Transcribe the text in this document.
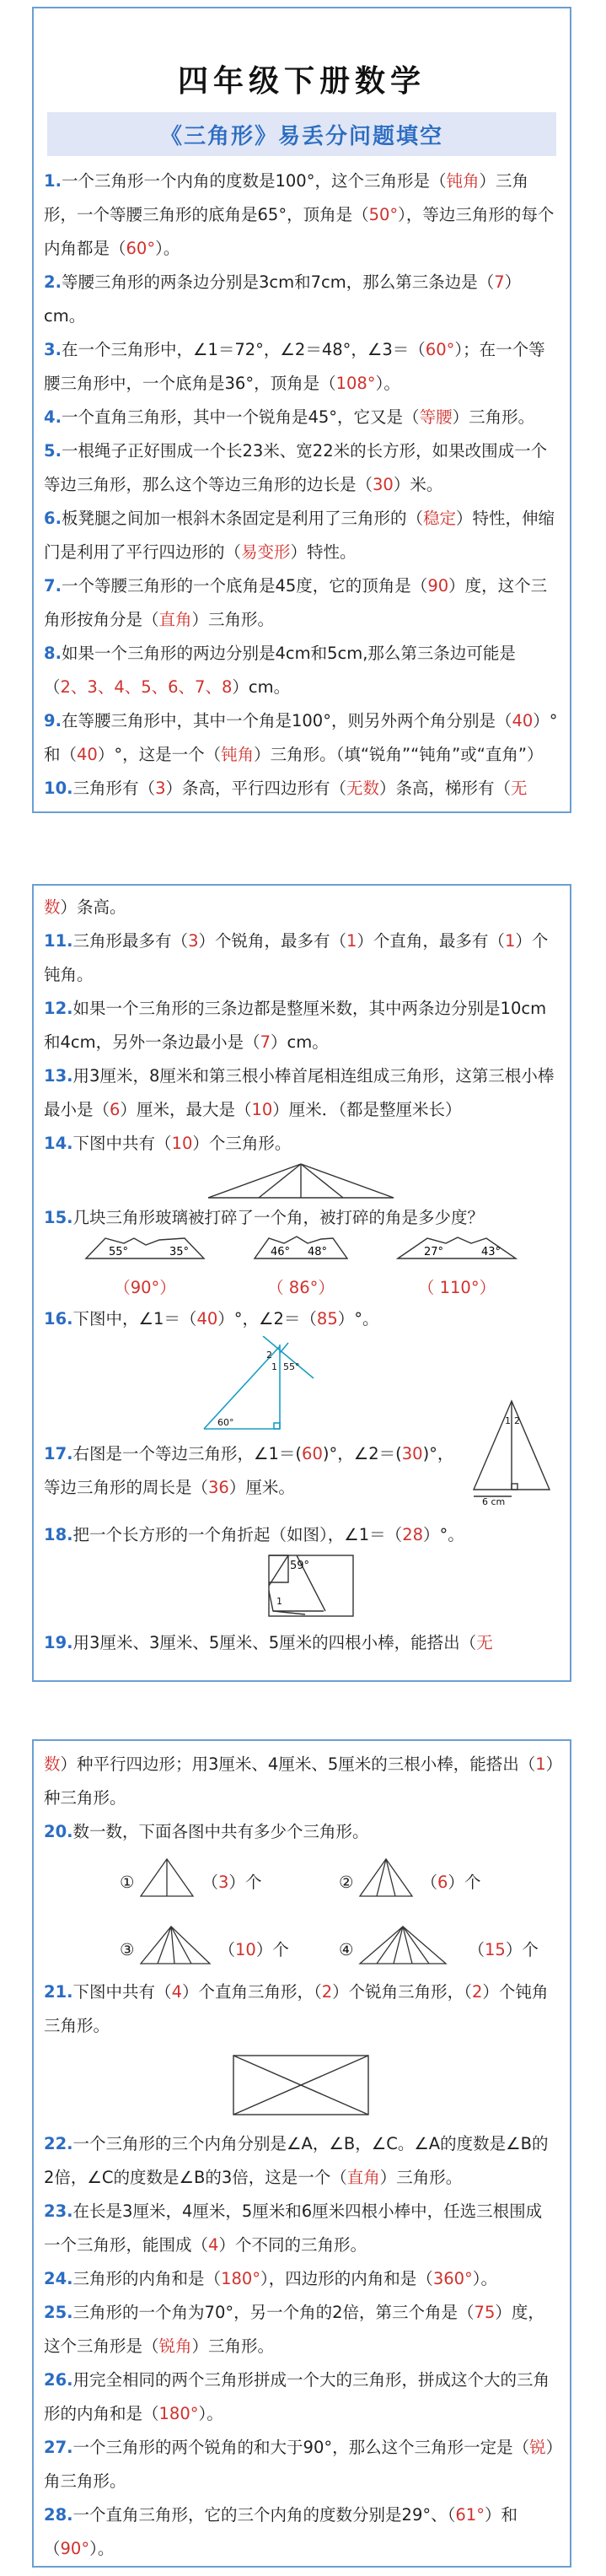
四年级下册数学
《三角形》易丢分问题填空

1.一个三角形一个内角的度数是100°，这个三角形是（钝角）三角形，一个等腰三角形的底角是65°，顶角是（50°），等边三角形的每个内角都是（60°）。

2.等腰三角形的两条边分别是3cm和7cm，那么第三条边是（7）cm。

3.在一个三角形中，∠1＝72°，∠2＝48°，∠3＝（60°）；在一个等腰三角形中，一个底角是36°，顶角是（108°）。

4.一个直角三角形，其中一个锐角是45°，它又是（等腰）三角形。

5.一根绳子正好围成一个长23米、宽22米的长方形，如果改围成一个等边三角形，那么这个等边三角形的边长是（30）米。

6.板凳腿之间加一根斜木条固定是利用了三角形的（稳定）特性，伸缩门是利用了平行四边形的（易变形）特性。

7.一个等腰三角形的一个底角是45度，它的顶角是（90）度，这个三角形按角分是（直角）三角形。

8.如果一个三角形的两边分别是4cm和5cm,那么第三条边可能是（2、3、4、5、6、7、8）cm。

9.在等腰三角形中，其中一个角是100°，则另外两个角分别是（40）°和（40）°，这是一个（钝角）三角形。（填“锐角”“钝角”或“直角”）

10.三角形有（3）条高，平行四边形有（无数）条高，梯形有（无

数）条高。

11.三角形最多有（3）个锐角，最多有（1）个直角，最多有（1）个钝角。

12.如果一个三角形的三条边都是整厘米数，其中两条边分别是10cm和4cm，另外一条边最小是（7）cm。

13.用3厘米，8厘米和第三根小棒首尾相连组成三角形，这第三根小棒最小是（6）厘米，最大是（10）厘米．（都是整厘米长）

14.下图中共有（10）个三角形。

15.几块三角形玻璃被打碎了一个角，被打碎的角是多少度？

55°	35°
（90°）
46° 48°
（ 86°）
27°	43°
（ 110°）

16.下图中，∠1＝（40）°，∠2＝（85）°。

2
1 55°
60°

17.右图是一个等边三角形，∠1＝(60)°，∠2＝(30)°，等边三角形的周长是（36）厘米。

1 2
6 cm

18.把一个长方形的一个角折起（如图），∠1＝（28）°。

1
59°

19.用3厘米、3厘米、5厘米、5厘米的四根小棒，能搭出（无

数）种平行四边形；用3厘米、4厘米、5厘米的三根小棒，能搭出（1）种三角形。

20.数一数，下面各图中共有多少个三角形。

①	（3）个	②	（6）个
③	（10）个	④	（15）个

21.下图中共有（4）个直角三角形，（2）个锐角三角形，（2）个钝角三角形。

22.一个三角形的三个内角分别是∠A，∠B，∠C。∠A的度数是∠B的2倍，∠C的度数是∠B的3倍，这是一个（直角）三角形。

23.在长是3厘米，4厘米，5厘米和6厘米四根小棒中，任选三根围成一个三角形，能围成（4）个不同的三角形。

24.三角形的内角和是（180°），四边形的内角和是（360°）。

25.三角形的一个角为70°，另一个角的2倍，第三个角是（75）度，这个三角形是（锐角）三角形。

26.用完全相同的两个三角形拼成一个大的三角形，拼成这个大的三角形的内角和是（180°）。

27.一个三角形的两个锐角的和大于90°，那么这个三角形一定是（锐）角三角形。

28.一个直角三角形，它的三个内角的度数分别是29°、（61°）和（90°）。
